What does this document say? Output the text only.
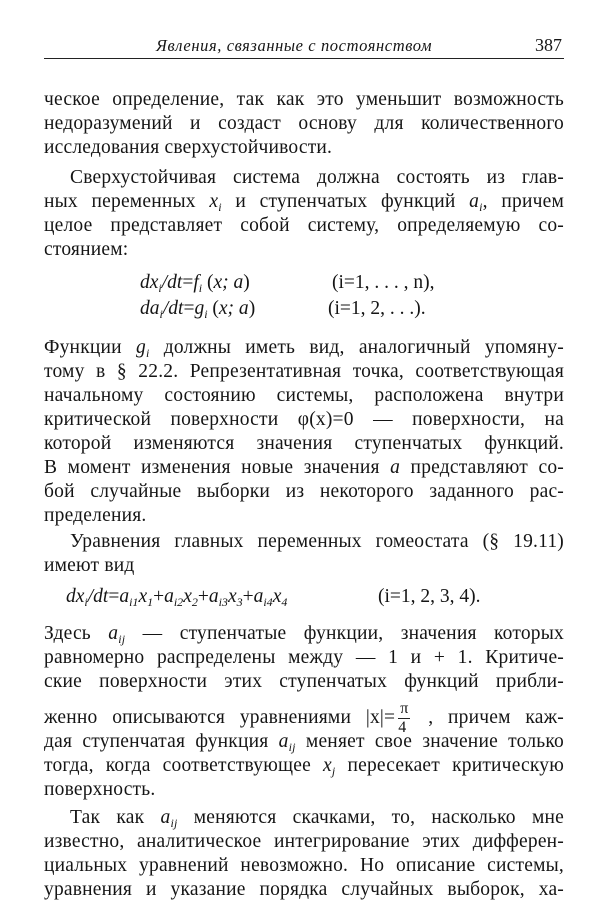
Явления, связанные с постоянством	387
ческое определение, так как это уменьшит возможность
недоразумений и создаст основу для количественного
исследования сверхустойчивости.
Сверхустойчивая система должна состоять из глав-
ных переменных $x_i$ и ступенчатых функций $a_i$, причем
целое представляет собой систему, определяемую со-
стоянием:
$dx_i/dt=f_i$ (x; a)	(i=1, . . . , n),
$da_i/dt=g_i$ (x; a)	(i=1, 2, . . .).
Функции $g_i$ должны иметь вид, аналогичный упомяну-
тому в § 22.2. Репрезентативная точка, соответствующая
начальному состоянию системы, расположена внутри
критической поверхности φ(x)=0 — поверхности, на
которой изменяются значения ступенчатых функций.
В момент изменения новые значения a представляют со-
бой случайные выборки из некоторого заданного рас-
пределения.
Уравнения главных переменных гомеостата (§ 19.11)
имеют вид
$dx_i/dt=a_{i1}x_1+a_{i2}x_2+a_{i3}x_3+a_{i4}x_4$	(i=1, 2, 3, 4).
Здесь $a_{ij}$ — ступенчатые функции, значения которых
равномерно распределены между — 1 и + 1. Критиче-
ские поверхности этих ступенчатых функций прибли-
женно описываются уравнениями $|x|= \frac{\pi}{4}$ , причем каж-
дая ступенчатая функция $a_{ij}$ меняет свое значение только
тогда, когда соответствующее $x_j$ пересекает критическую
поверхность.
Так как $a_{ij}$ меняются скачками, то, насколько мне
известно, аналитическое интегрирование этих дифферен-
циальных уравнений невозможно. Но описание системы,
уравнения и указание порядка случайных выборок, ха-
